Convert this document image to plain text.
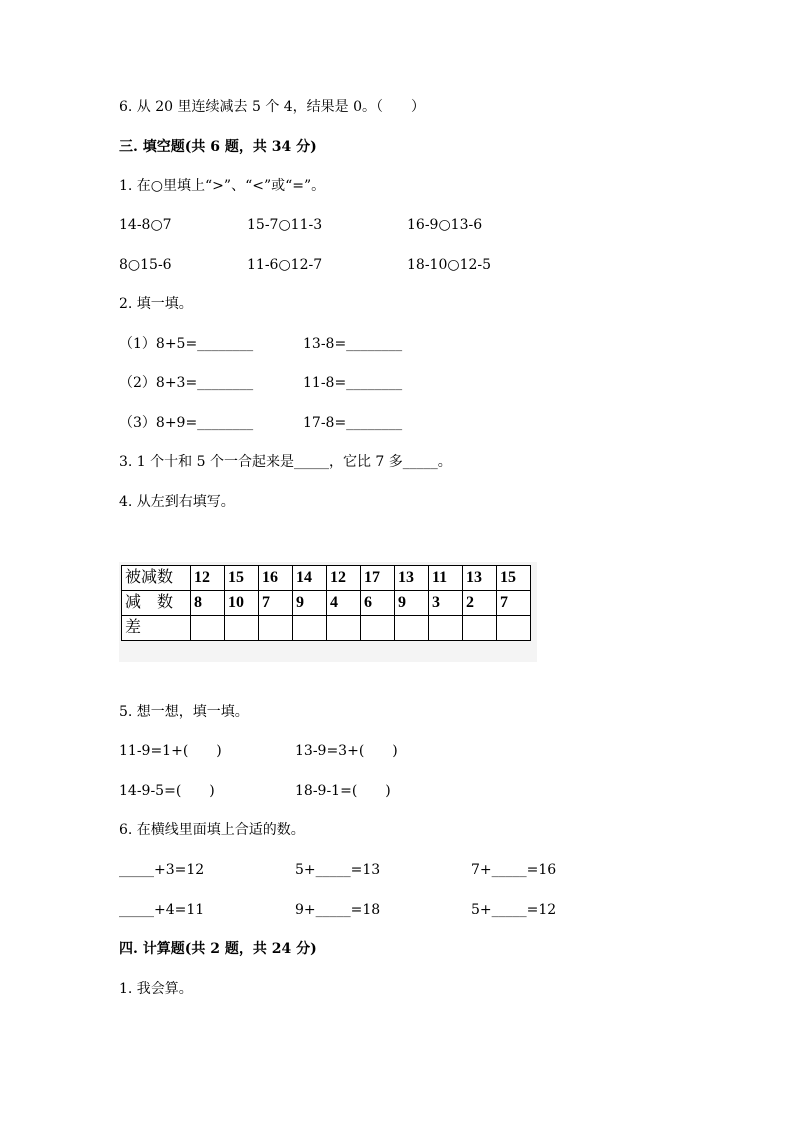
6. 从 20 里连续减去 5 个 4，结果是 0。（　　）
三. 填空题(共 6 题，共 34 分)
1. 在○里填上“>”、“<”或“=”。
14-8○7	15-7○11-3	16-9○13-6
8○15-6	11-6○12-7	18-10○12-5
2. 填一填。
（1）8+5=________	13-8=________
（2）8+3=________	11-8=________
（3）8+9=________	17-8=________
3. 1 个十和 5 个一合起来是_____，它比 7 多_____。
4. 从左到右填写。
被减数	12	15	16	14	12	17	13	11	13	15
减　数	8	10	7	9	4	6	9	3	2	7
差										
5. 想一想，填一填。
11-9=1+(　　)	13-9=3+(　　)
14-9-5=(　　)	18-9-1=(　　)
6. 在横线里面填上合适的数。
_____+3=12	5+_____=13	7+_____=16
_____+4=11	9+_____=18	5+_____=12
四. 计算题(共 2 题，共 24 分)
1. 我会算。
